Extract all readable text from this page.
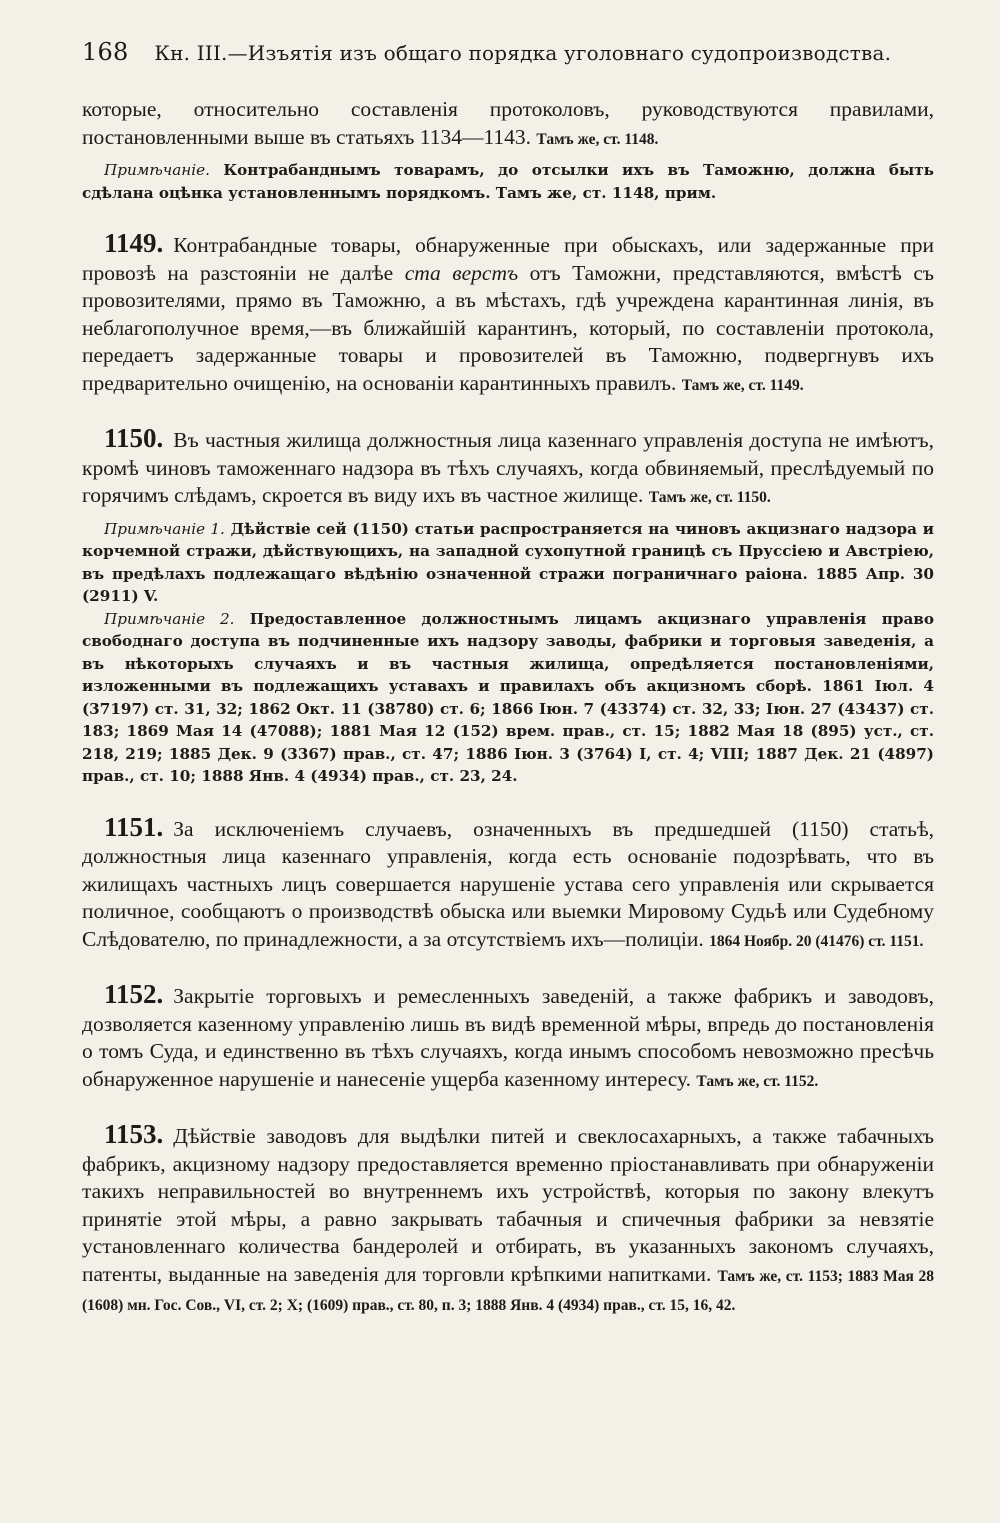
168 Кн. III.—Изъятія изъ общаго порядка уголовнаго судопроизводства.

которые, относительно составленія протоколовъ, руководствуются правилами, постановленными выше въ статьяхъ 1134—1143. Тамъ же, ст. 1148.

Примѣчаніе. Контрабанднымъ товарамъ, до отсылки ихъ въ Таможню, должна быть сдѣлана оцѣнка установленнымъ порядкомъ. Тамъ же, ст. 1148, прим.

1149. Контрабандные товары, обнаруженные при обыскахъ, или задержанные при провозѣ на разстояніи не далѣе ста верстъ отъ Таможни, представляются, вмѣстѣ съ провозителями, прямо въ Таможню, а въ мѣстахъ, гдѣ учреждена карантинная линія, въ неблагополучное время,—въ ближайшій карантинъ, который, по составленіи протокола, передаетъ задержанные товары и провозителей въ Таможню, подвергнувъ ихъ предварительно очищенію, на основаніи карантинныхъ правилъ. Тамъ же, ст. 1149.

1150. Въ частныя жилища должностныя лица казеннаго управленія доступа не имѣютъ, кромѣ чиновъ таможеннаго надзора въ тѣхъ случаяхъ, когда обвиняемый, преслѣдуемый по горячимъ слѣдамъ, скроется въ виду ихъ въ частное жилище. Тамъ же, ст. 1150.

Примѣчаніе 1. Дѣйствіе сей (1150) статьи распространяется на чиновъ акцизнаго надзора и корчемной стражи, дѣйствующихъ, на западной сухопутной границѣ съ Пруссіею и Австріею, въ предѣлахъ подлежащаго вѣдѣнію означенной стражи пограничнаго раіона. 1885 Апр. 30 (2911) V.

Примѣчаніе 2. Предоставленное должностнымъ лицамъ акцизнаго управленія право свободнаго доступа въ подчиненные ихъ надзору заводы, фабрики и торговыя заведенія, а въ нѣкоторыхъ случаяхъ и въ частныя жилища, опредѣляется постановленіями, изложенными въ подлежащихъ уставахъ и правилахъ объ акцизномъ сборѣ. 1861 Іюл. 4 (37197) ст. 31, 32; 1862 Окт. 11 (38780) ст. 6; 1866 Іюн. 7 (43374) ст. 32, 33; Іюн. 27 (43437) ст. 183; 1869 Мая 14 (47088); 1881 Мая 12 (152) врем. прав., ст. 15; 1882 Мая 18 (895) уст., ст. 218, 219; 1885 Дек. 9 (3367) прав., ст. 47; 1886 Іюн. 3 (3764) I, ст. 4; VIII; 1887 Дек. 21 (4897) прав., ст. 10; 1888 Янв. 4 (4934) прав., ст. 23, 24.

1151. За исключеніемъ случаевъ, означенныхъ въ предшедшей (1150) статьѣ, должностныя лица казеннаго управленія, когда есть основаніе подозрѣвать, что въ жилищахъ частныхъ лицъ совершается нарушеніе устава сего управленія или скрывается поличное, сообщаютъ о производствѣ обыска или выемки Мировому Судьѣ или Судебному Слѣдователю, по принадлежности, а за отсутствіемъ ихъ—полиціи. 1864 Ноябр. 20 (41476) ст. 1151.

1152. Закрытіе торговыхъ и ремесленныхъ заведеній, а также фабрикъ и заводовъ, дозволяется казенному управленію лишь въ видѣ временной мѣры, впредь до постановленія о томъ Суда, и единственно въ тѣхъ случаяхъ, когда инымъ способомъ невозможно пресѣчь обнаруженное нарушеніе и нанесеніе ущерба казенному интересу. Тамъ же, ст. 1152.

1153. Дѣйствіе заводовъ для выдѣлки питей и свеклосахарныхъ, а также табачныхъ фабрикъ, акцизному надзору предоставляется временно пріостанавливать при обнаруженіи такихъ неправильностей во внутреннемъ ихъ устройствѣ, которыя по закону влекутъ принятіе этой мѣры, а равно закрывать табачныя и спичечныя фабрики за невзятіе установленнаго количества бандеролей и отбирать, въ указанныхъ закономъ случаяхъ, патенты, выданные на заведенія для торговли крѣпкими напитками. Тамъ же, ст. 1153; 1883 Мая 28 (1608) мн. Гос. Сов., VI, ст. 2; X; (1609) прав., ст. 80, п. 3; 1888 Янв. 4 (4934) прав., ст. 15, 16, 42.
